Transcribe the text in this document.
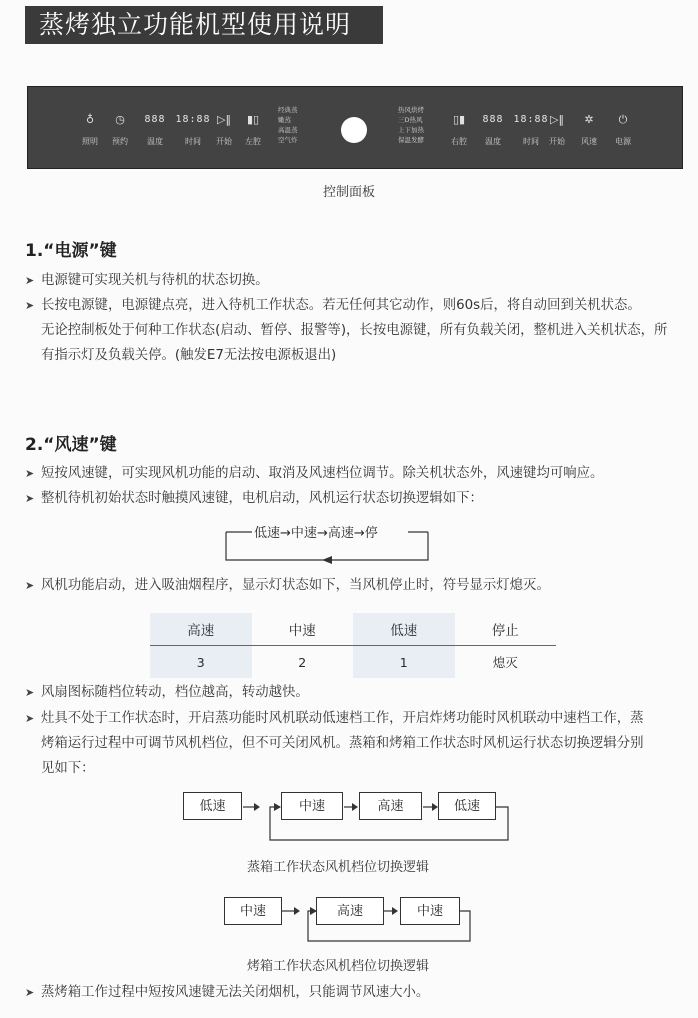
蒸烤独立功能机型使用说明
♁
照明
◷
预约
888
温度
18:88
时间
▷‖
开始
▮▯
左腔
经典蒸
嫩蒸
高温蒸
空气炸
热风烘烤
三D热风
上下加热
保温发酵
▯▮
右腔
888
温度
18:88
时间
▷‖
开始
✲
风速
⏻
电源
控制面板
1.“电源”键
➤ 电源键可实现关机与待机的状态切换。
➤ 长按电源键，电源键点亮，进入待机工作状态。若无任何其它动作，则60s后，将自动回到关机状态。
无论控制板处于何种工作状态(启动、暂停、报警等)，长按电源键，所有负载关闭，整机进入关机状态，所
有指示灯及负载关停。(触发E7无法按电源板退出)
2.“风速”键
➤ 短按风速键，可实现风机功能的启动、取消及风速档位调节。除关机状态外，风速键均可响应。
➤ 整机待机初始状态时触摸风速键，电机启动，风机运行状态切换逻辑如下：
低速→中速→高速→停
➤ 风机功能启动，进入吸油烟程序，显示灯状态如下，当风机停止时，符号显示灯熄灭。
高速	中速	低速	停止
3	2	1	熄灭
➤ 风扇图标随档位转动，档位越高，转动越快。
➤ 灶具不处于工作状态时，开启蒸功能时风机联动低速档工作，开启炸烤功能时风机联动中速档工作，蒸
烤箱运行过程中可调节风机档位，但不可关闭风机。蒸箱和烤箱工作状态时风机运行状态切换逻辑分别
见如下：
低速	中速	高速	低速
蒸箱工作状态风机档位切换逻辑
中速	高速	中速
烤箱工作状态风机档位切换逻辑
➤ 蒸烤箱工作过程中短按风速键无法关闭烟机，只能调节风速大小。
